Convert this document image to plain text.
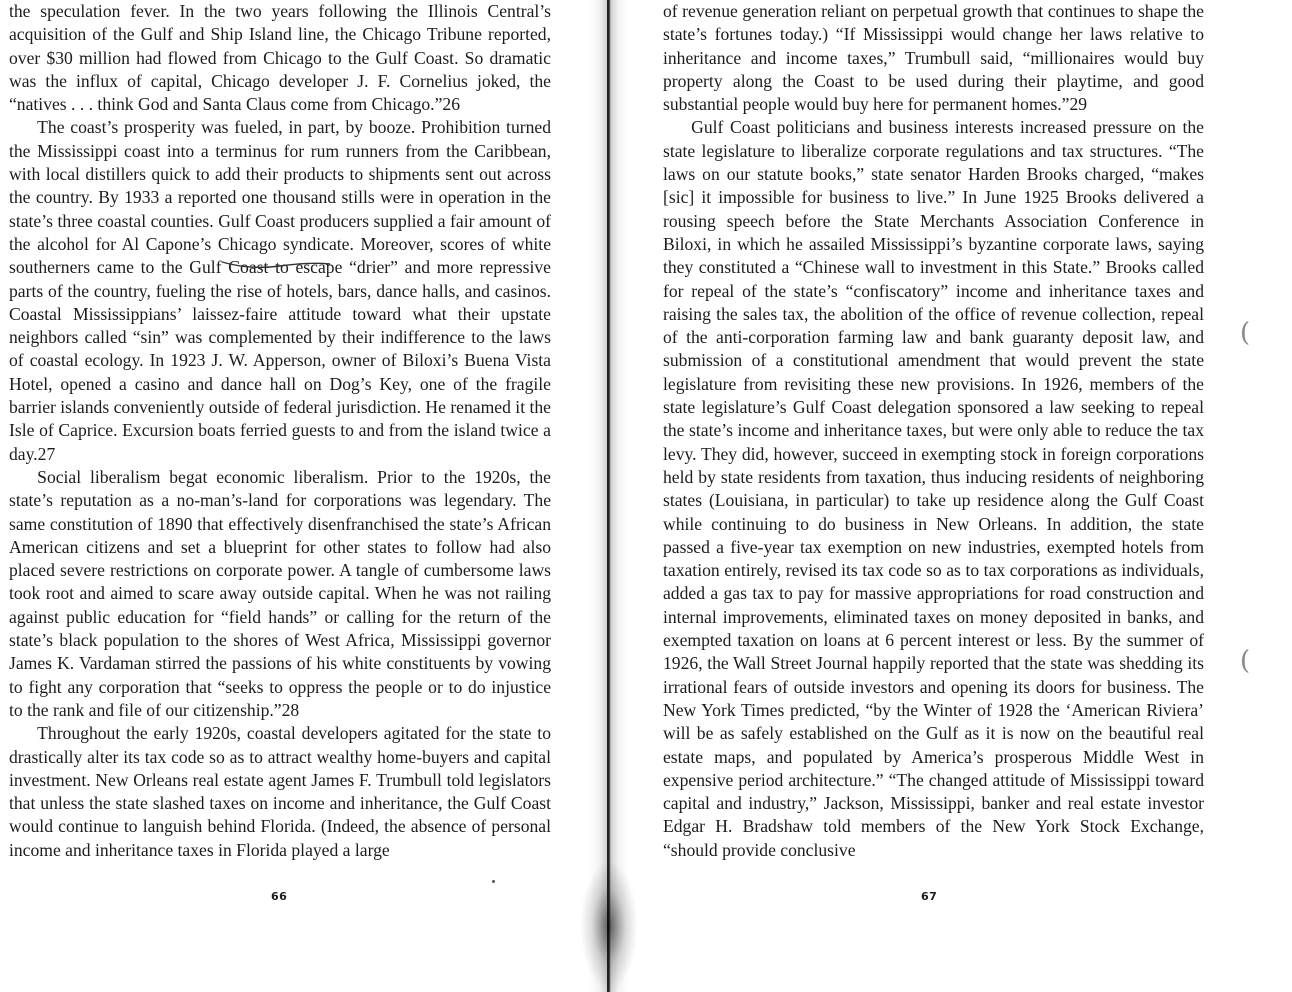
the speculation fever. In the two years following the Illinois Central’s acquisition of the Gulf and Ship Island line, the Chicago Tribune reported, over $30 million had flowed from Chicago to the Gulf Coast. So dramatic was the influx of capital, Chicago developer J. F. Cornelius joked, the “natives . . . think God and Santa Claus come from Chicago.”26

The coast’s prosperity was fueled, in part, by booze. Prohibition turned the Mississippi coast into a terminus for rum runners from the Caribbean, with local distillers quick to add their products to shipments sent out across the country. By 1933 a reported one thousand stills were in operation in the state’s three coastal counties. Gulf Coast producers supplied a fair amount of the alcohol for Al Capone’s Chicago syndicate. Moreover, scores of white southerners came to the Gulf Coast to escape “drier” and more repressive parts of the country, fueling the rise of hotels, bars, dance halls, and casinos. Coastal Mississippians’ laissez-faire attitude toward what their upstate neighbors called “sin” was complemented by their indifference to the laws of coastal ecology. In 1923 J. W. Apperson, owner of Biloxi’s Buena Vista Hotel, opened a casino and dance hall on Dog’s Key, one of the fragile barrier islands conveniently outside of federal jurisdiction. He renamed it the Isle of Caprice. Excursion boats ferried guests to and from the island twice a day.27

Social liberalism begat economic liberalism. Prior to the 1920s, the state’s reputation as a no-man’s-land for corporations was legendary. The same constitution of 1890 that effectively disenfranchised the state’s African American citizens and set a blueprint for other states to follow had also placed severe restrictions on corporate power. A tangle of cumbersome laws took root and aimed to scare away outside capital. When he was not railing against public education for “field hands” or calling for the return of the state’s black population to the shores of West Africa, Mississippi governor James K. Vardaman stirred the passions of his white constituents by vowing to fight any corporation that “seeks to oppress the people or to do injustice to the rank and file of our citizenship.”28

Throughout the early 1920s, coastal developers agitated for the state to drastically alter its tax code so as to attract wealthy home-buyers and capital investment. New Orleans real estate agent James F. Trumbull told legislators that unless the state slashed taxes on income and inheritance, the Gulf Coast would continue to languish behind Florida. (Indeed, the absence of personal income and inheritance taxes in Florida played a large

of revenue generation reliant on perpetual growth that continues to shape the state’s fortunes today.) “If Mississippi would change her laws relative to inheritance and income taxes,” Trumbull said, “millionaires would buy property along the Coast to be used during their playtime, and good substantial people would buy here for permanent homes.”29

Gulf Coast politicians and business interests increased pressure on the state legislature to liberalize corporate regulations and tax structures. “The laws on our statute books,” state senator Harden Brooks charged, “makes [sic] it impossible for business to live.” In June 1925 Brooks delivered a rousing speech before the State Merchants Association Conference in Biloxi, in which he assailed Mississippi’s byzantine corporate laws, saying they constituted a “Chinese wall to investment in this State.” Brooks called for repeal of the state’s “confiscatory” income and inheritance taxes and raising the sales tax, the abolition of the office of revenue collection, repeal of the anti-corporation farming law and bank guaranty deposit law, and submission of a constitutional amendment that would prevent the state legislature from revisiting these new provisions. In 1926, members of the state legislature’s Gulf Coast delegation sponsored a law seeking to repeal the state’s income and inheritance taxes, but were only able to reduce the tax levy. They did, however, succeed in exempting stock in foreign corporations held by state residents from taxation, thus inducing residents of neighboring states (Louisiana, in particular) to take up residence along the Gulf Coast while continuing to do business in New Orleans. In addition, the state passed a five-year tax exemption on new industries, exempted hotels from taxation entirely, revised its tax code so as to tax corporations as individuals, added a gas tax to pay for massive appropriations for road construction and internal improvements, eliminated taxes on money deposited in banks, and exempted taxation on loans at 6 percent interest or less. By the summer of 1926, the Wall Street Journal happily reported that the state was shedding its irrational fears of outside investors and opening its doors for business. The New York Times predicted, “by the Winter of 1928 the ‘American Riviera’ will be as safely established on the Gulf as it is now on the beautiful real estate maps, and populated by America’s prosperous Middle West in expensive period architecture.” “The changed attitude of Mississippi toward capital and industry,” Jackson, Mississippi, banker and real estate investor Edgar H. Bradshaw told members of the New York Stock Exchange, “should provide conclusive

66	67
(
(
